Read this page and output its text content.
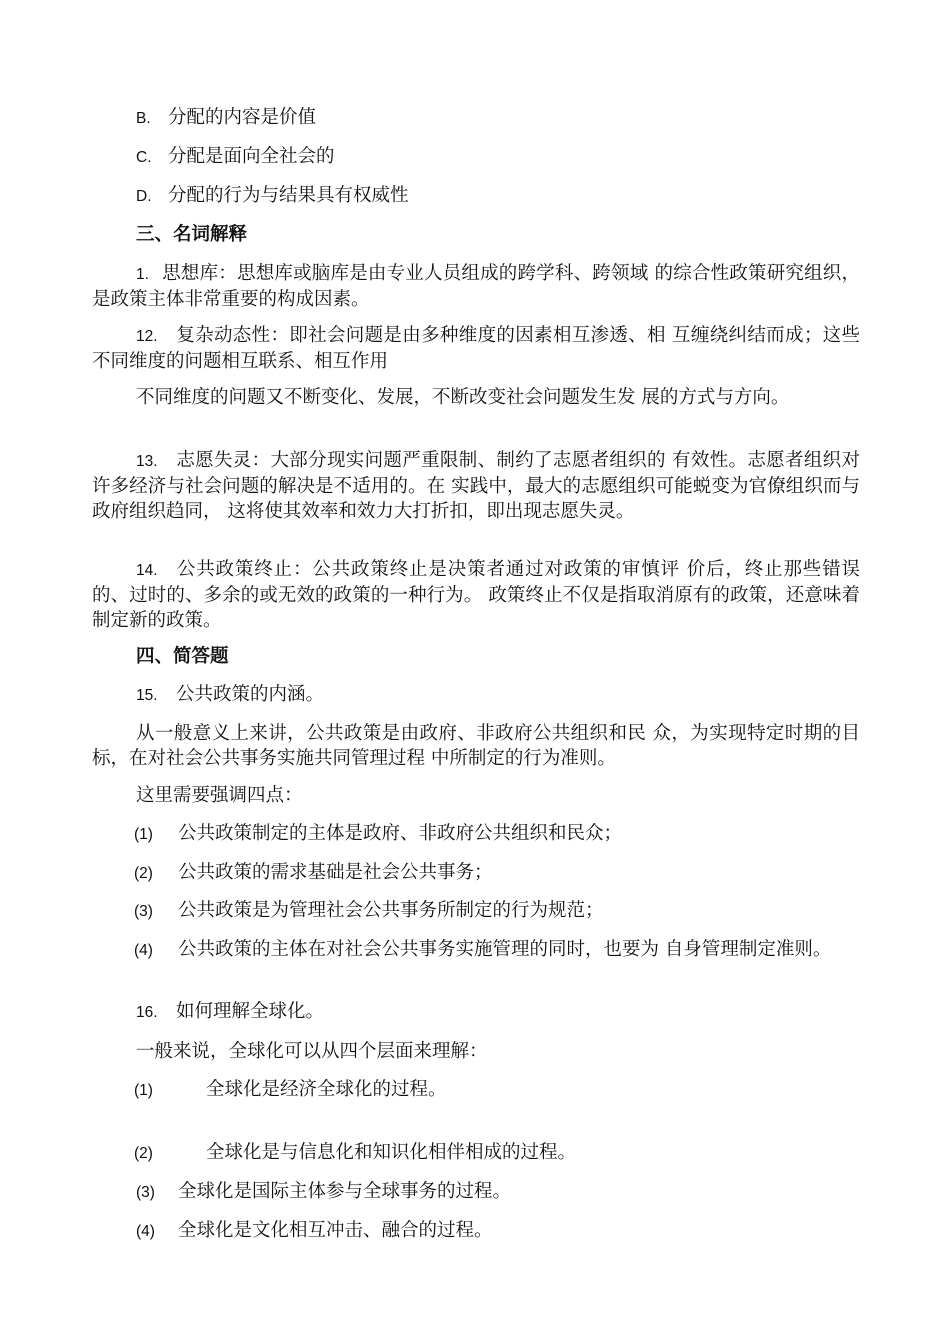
B. 分配的内容是价值
C. 分配是面向全社会的
D. 分配的行为与结果具有权威性
三、名词解释
1. 思想库：思想库或脑库是由专业人员组成的跨学科、跨领域 的综合性政策研究组织，是政策主体非常重要的构成因素。
12. 复杂动态性：即社会问题是由多种维度的因素相互渗透、相 互缠绕纠结而成；这些不同维度的问题相互联系、相互作用
不同维度的问题又不断变化、发展，不断改变社会问题发生发 展的方式与方向。
13. 志愿失灵：大部分现实问题严重限制、制约了志愿者组织的 有效性。志愿者组织对许多经济与社会问题的解决是不适用的。在 实践中，最大的志愿组织可能蜕变为官僚组织而与政府组织趋同， 这将使其效率和效力大打折扣，即出现志愿失灵。
14. 公共政策终止：公共政策终止是决策者通过对政策的审慎评 价后，终止那些错误的、过时的、多余的或无效的政策的一种行为。 政策终止不仅是指取消原有的政策，还意味着制定新的政策。
四、简答题
15. 公共政策的内涵。
从一般意义上来讲，公共政策是由政府、非政府公共组织和民 众，为实现特定时期的目标，在对社会公共事务实施共同管理过程 中所制定的行为准则。
这里需要强调四点：
(1) 公共政策制定的主体是政府、非政府公共组织和民众；
(2) 公共政策的需求基础是社会公共事务；
(3) 公共政策是为管理社会公共事务所制定的行为规范；
(4) 公共政策的主体在对社会公共事务实施管理的同时，也要为 自身管理制定准则。
16. 如何理解全球化。
一般来说，全球化可以从四个层面来理解：
(1)	全球化是经济全球化的过程。
(2)	全球化是与信息化和知识化相伴相成的过程。
(3) 全球化是国际主体参与全球事务的过程。
(4) 全球化是文化相互冲击、融合的过程。
